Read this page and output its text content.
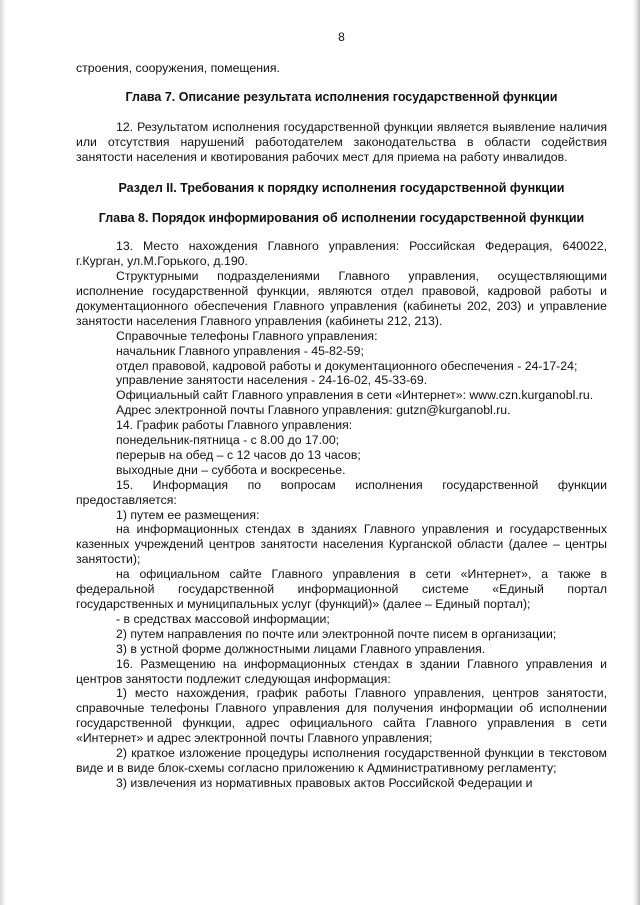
8

строения, сооружения, помещения.

Глава 7. Описание результата исполнения государственной функции

12. Результатом исполнения государственной функции является выявление наличия или отсутствия нарушений работодателем законодательства в области содействия занятости населения и квотирования рабочих мест для приема на работу инвалидов.

Раздел II. Требования к порядку исполнения государственной функции

Глава 8. Порядок информирования об исполнении государственной функции

13. Место нахождения Главного управления: Российская Федерация, 640022, г.Курган, ул.М.Горького, д.190.

Структурными подразделениями Главного управления, осуществляющими исполнение государственной функции, являются отдел правовой, кадровой работы и документационного обеспечения Главного управления (кабинеты 202, 203) и управление занятости населения Главного управления (кабинеты 212, 213).

Справочные телефоны Главного управления:

начальник Главного управления - 45-82-59;

отдел правовой, кадровой работы и документационного обеспечения - 24-17-24;

управление занятости населения - 24-16-02, 45-33-69.

Официальный сайт Главного управления в сети «Интернет»: www.czn.kurganobl.ru.

Адрес электронной почты Главного управления: gutzn@kurganobl.ru.

14. График работы Главного управления:

понедельник-пятница - с 8.00 до 17.00;

перерыв на обед – с 12 часов до 13 часов;

выходные дни – суббота и воскресенье.

15. Информация по вопросам исполнения государственной функции предоставляется:

1) путем ее размещения:

на информационных стендах в зданиях Главного управления и государственных казенных учреждений центров занятости населения Курганской области (далее – центры занятости);

на официальном сайте Главного управления в сети «Интернет», а также в федеральной государственной информационной системе «Единый портал государственных и муниципальных услуг (функций)» (далее – Единый портал);

- в средствах массовой информации;

2) путем направления по почте или электронной почте писем в организации;

3) в устной форме должностными лицами Главного управления.

16. Размещению на информационных стендах в здании Главного управления и центров занятости подлежит следующая информация:

1) место нахождения, график работы Главного управления, центров занятости, справочные телефоны Главного управления для получения информации об исполнении государственной функции, адрес официального сайта Главного управления в сети «Интернет» и адрес электронной почты Главного управления;

2) краткое изложение процедуры исполнения государственной функции в текстовом виде и в виде блок-схемы согласно приложению к Административному регламенту;

3) извлечения из нормативных правовых актов Российской Федерации и
